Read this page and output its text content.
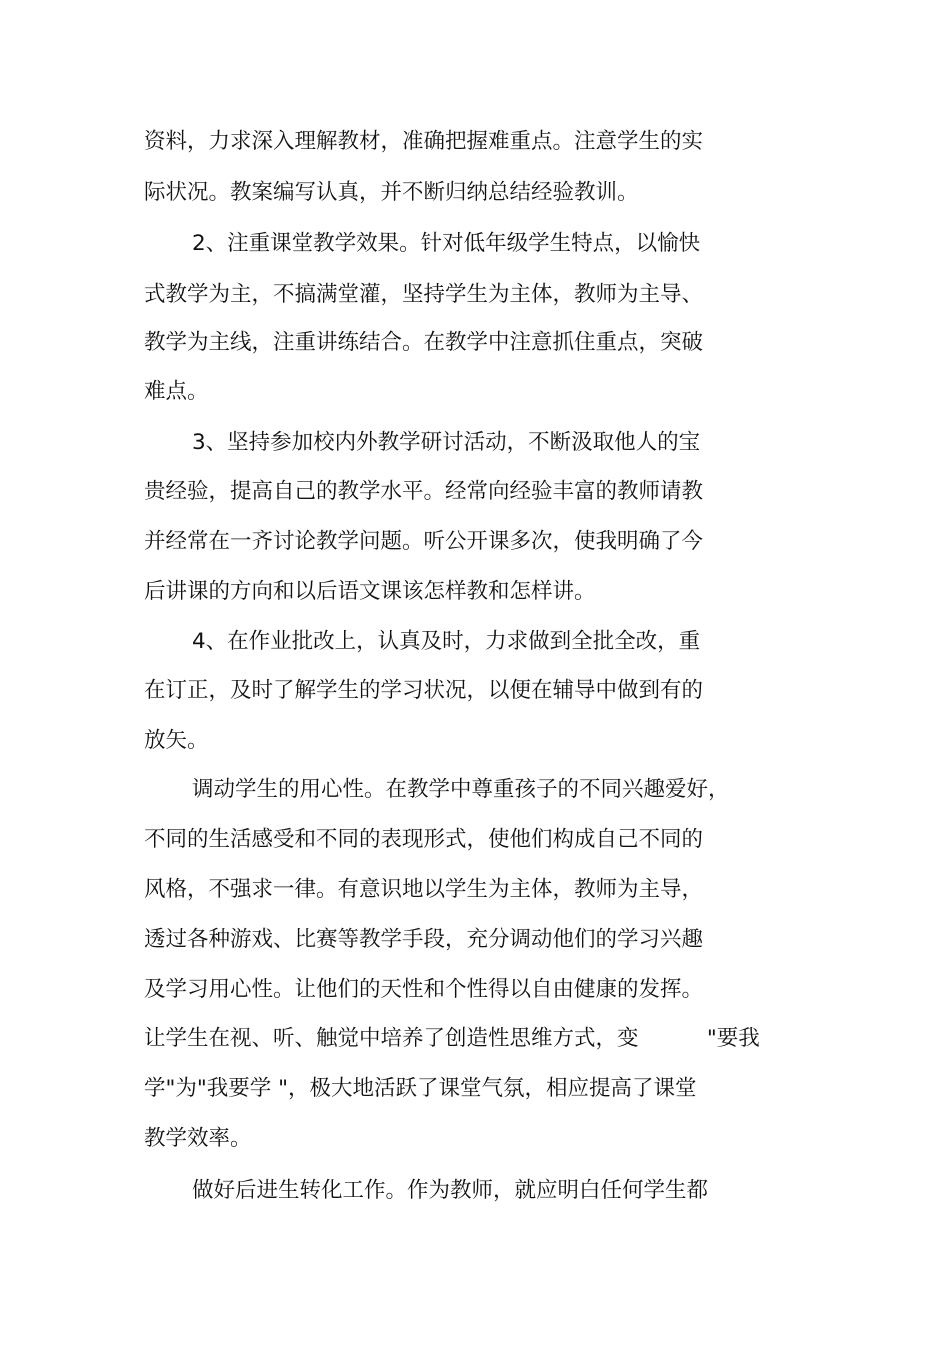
资料，力求深入理解教材，准确把握难重点。注意学生的实

际状况。教案编写认真，并不断归纳总结经验教训。

2、注重课堂教学效果。针对低年级学生特点，以愉快

式教学为主，不搞满堂灌，坚持学生为主体，教师为主导、

教学为主线，注重讲练结合。在教学中注意抓住重点，突破

难点。

3、坚持参加校内外教学研讨活动，不断汲取他人的宝

贵经验，提高自己的教学水平。经常向经验丰富的教师请教

并经常在一齐讨论教学问题。听公开课多次，使我明确了今

后讲课的方向和以后语文课该怎样教和怎样讲。

4、在作业批改上，认真及时，力求做到全批全改，重

在订正，及时了解学生的学习状况，以便在辅导中做到有的

放矢。

调动学生的用心性。在教学中尊重孩子的不同兴趣爱好，

不同的生活感受和不同的表现形式，使他们构成自己不同的

风格，不强求一律。有意识地以学生为主体，教师为主导，

透过各种游戏、比赛等教学手段，充分调动他们的学习兴趣

及学习用心性。让他们的天性和个性得以自由健康的发挥。

让学生在视、听、触觉中培养了创造性思维方式，变          "要我

学"为"我要学 "，极大地活跃了课堂气氛，相应提高了课堂

教学效率。

做好后进生转化工作。作为教师，就应明白任何学生都
